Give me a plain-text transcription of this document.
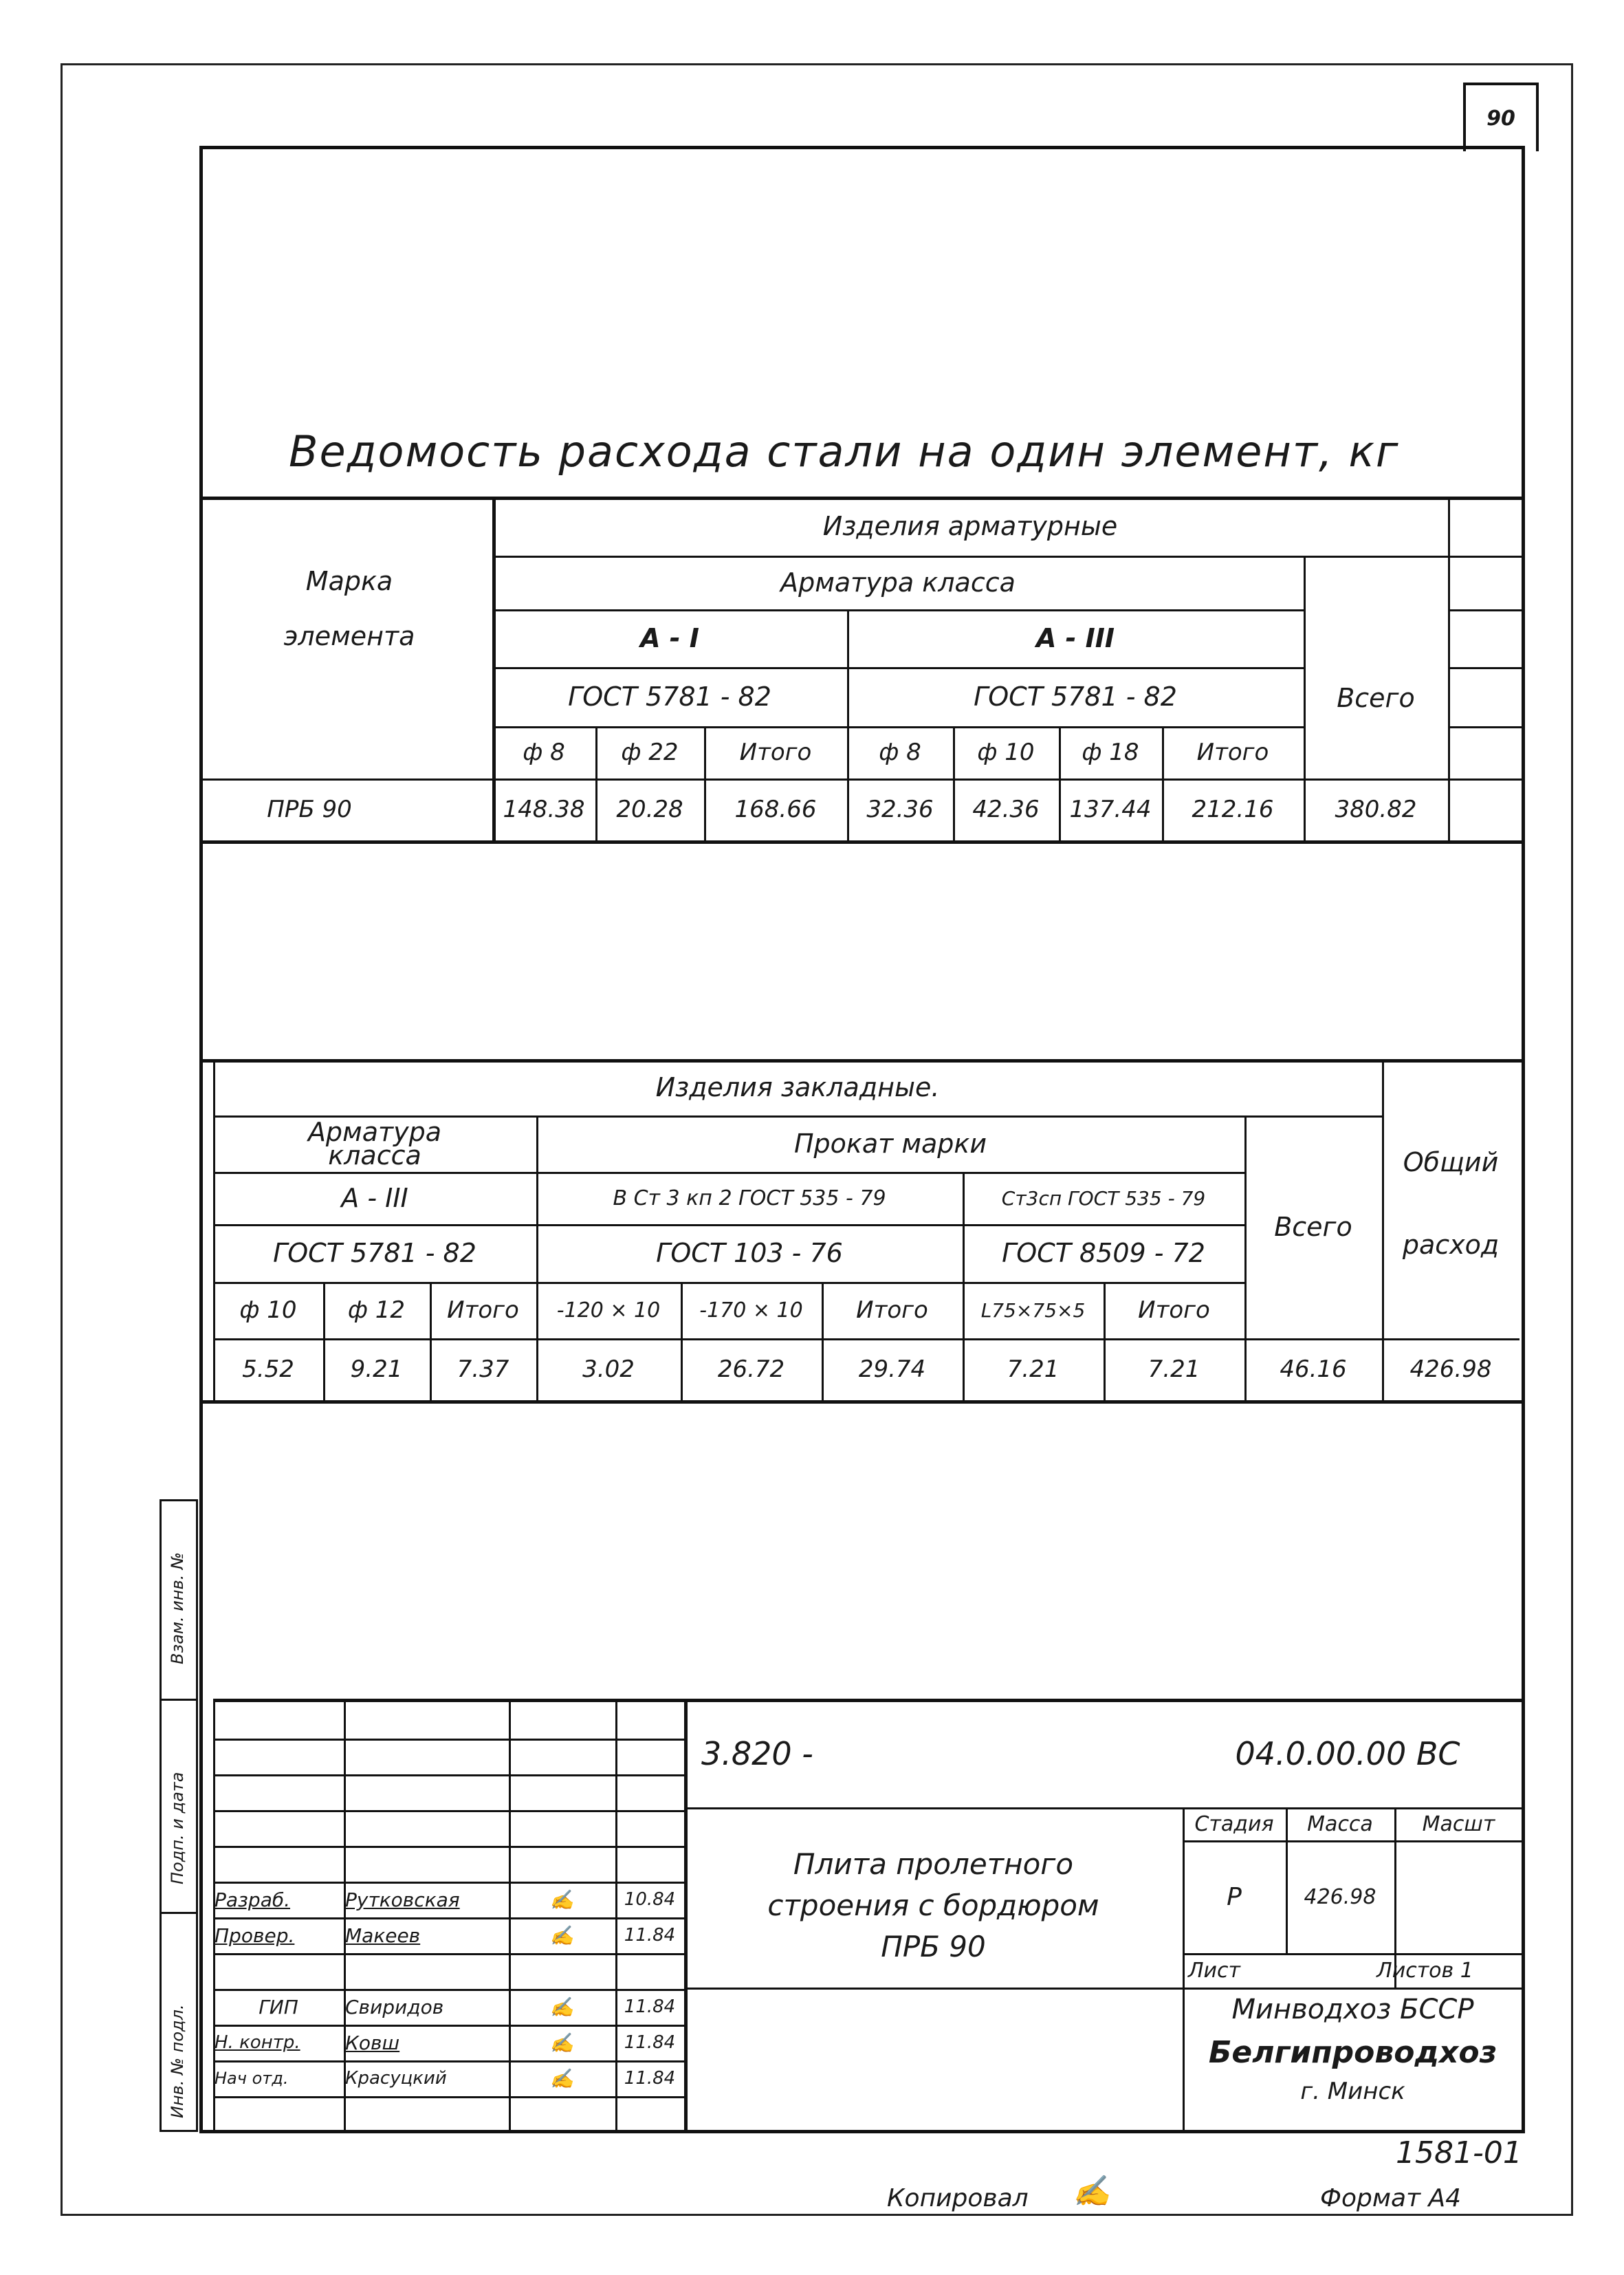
90
Взам. инв. №
Подп. и дата
Инв. № подл.
Ведомость расхода стали на один элемент, кг
Марка элемента
Изделия арматурные
Арматура класса
A - I	A - III
ГОСТ 5781 - 82	ГОСТ 5781 - 82	Всего
ф 8	ф 22	Итого	ф 8	ф 10	ф 18	Итого
ПРБ 90	148.38	20.28	168.66	32.36	42.36	137.44	212.16	380.82
Изделия закладные.
Арматура класса	Прокат марки
A - III	В Ст 3 кп 2 ГОСТ 535 - 79	Ст3сп ГОСТ 535 - 79
ГОСТ 5781 - 82	ГОСТ 103 - 76	ГОСТ 8509 - 72
Всего
Общий
расход
ф 10	ф 12	Итого	-120 × 10	-170 × 10	Итого	L75×75×5	Итого
5.52	9.21	7.37	3.02	26.72	29.74	7.21	7.21	46.16	426.98
3.820 -	04.0.00.00 ВС
Плита пролетного
строения с бордюром
ПРБ 90
Стадия	Масса	Масшт
Р	426.98
Лист	Листов 1
Минводхоз БССР
Белгипроводхоз
г. Минск
Разраб.	Рутковская	✍	10.84
Провер.	Макеев	✍	11.84
ГИП	Свиридов	✍	11.84
Н. контр.	Ковш	✍	11.84
Нач отд.	Красуцкий	✍	11.84
1581-01
Копировал ✍	Формат А4
